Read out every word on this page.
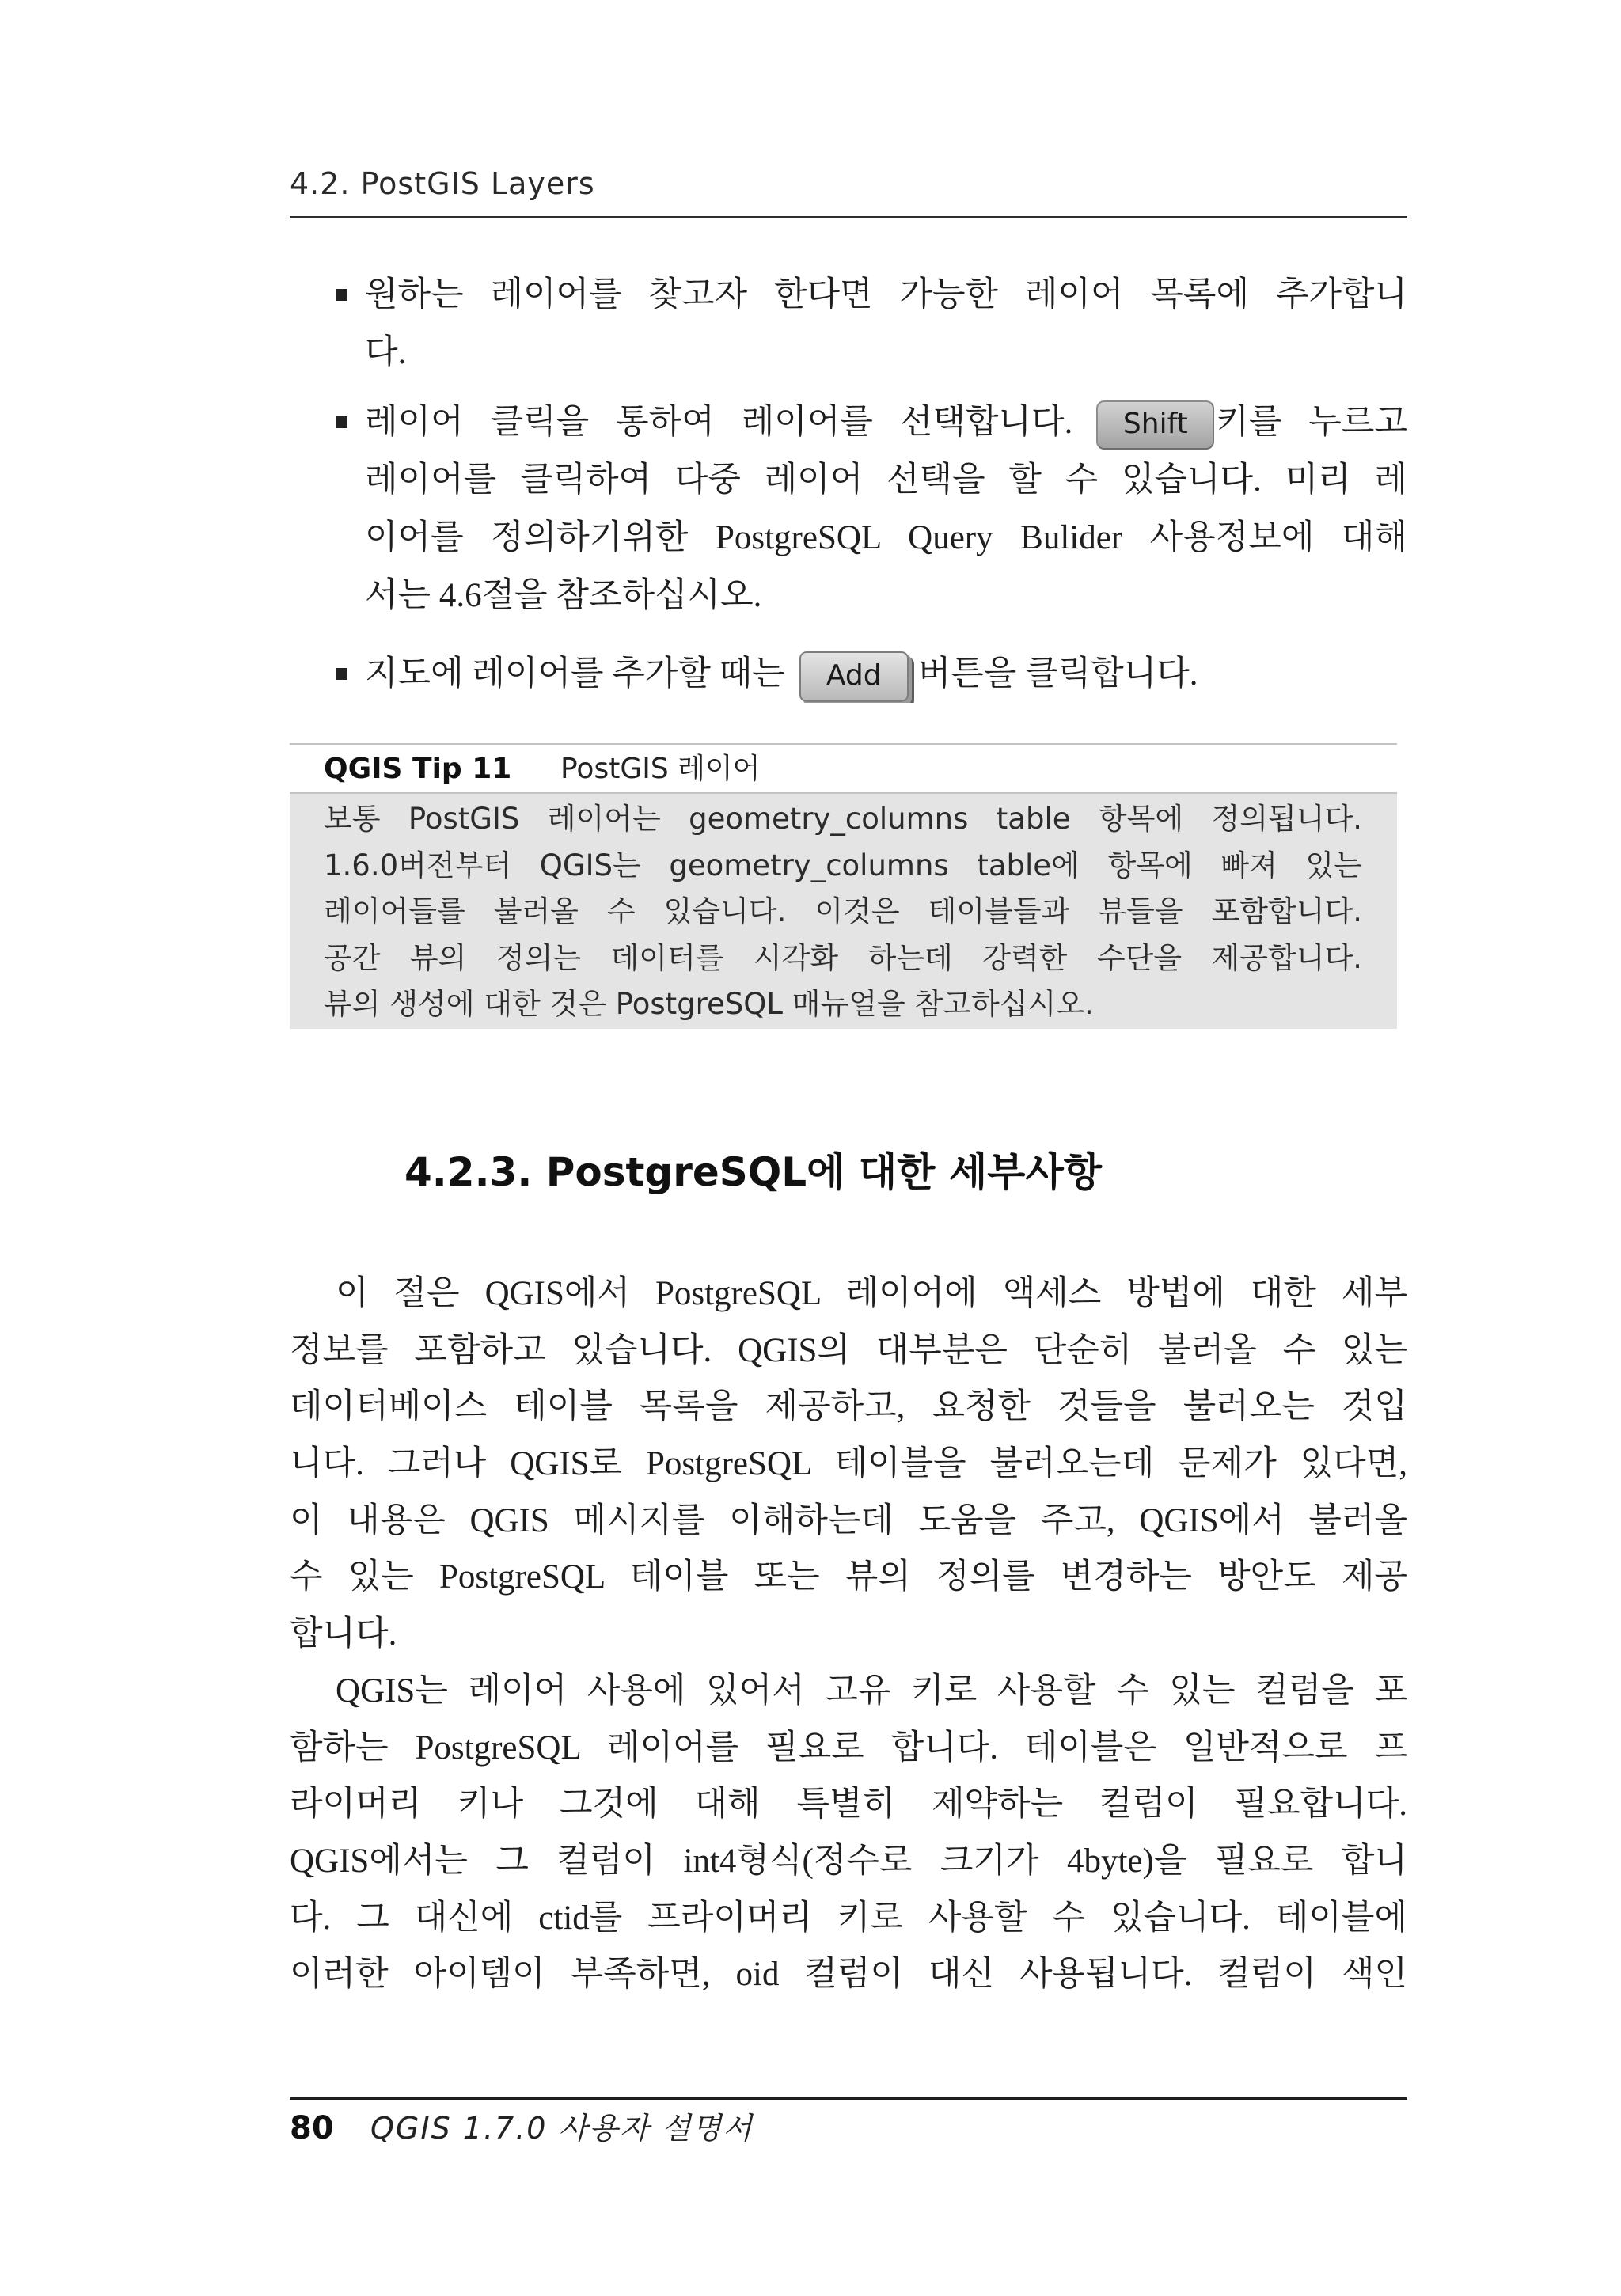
4.2. PostGIS Layers
원하는 레이어를 찾고자 한다면 가능한 레이어 목록에 추가합니
다.
레이어 클릭을 통하여 레이어를 선택합니다. Shift 키를 누르고
레이어를 클릭하여 다중 레이어 선택을 할 수 있습니다. 미리 레
이어를 정의하기위한 PostgreSQL Query Bulider 사용정보에 대해
서는 4.6절을 참조하십시오.
지도에 레이어를 추가할 때는 Add 버튼을 클릭합니다.
QGIS Tip 11 PostGIS 레이어
보통 PostGIS 레이어는 geometry_columns table 항목에 정의됩니다.
1.6.0버전부터 QGIS는 geometry_columns table에 항목에 빠져 있는
레이어들를 불러올 수 있습니다. 이것은 테이블들과 뷰들을 포함합니다.
공간 뷰의 정의는 데이터를 시각화 하는데 강력한 수단을 제공합니다.
뷰의 생성에 대한 것은 PostgreSQL 매뉴얼을 참고하십시오.
4.2.3. PostgreSQL에 대한 세부사항
이 절은 QGIS에서 PostgreSQL 레이어에 액세스 방법에 대한 세부
정보를 포함하고 있습니다. QGIS의 대부분은 단순히 불러올 수 있는
데이터베이스 테이블 목록을 제공하고, 요청한 것들을 불러오는 것입
니다. 그러나 QGIS로 PostgreSQL 테이블을 불러오는데 문제가 있다면,
이 내용은 QGIS 메시지를 이해하는데 도움을 주고, QGIS에서 불러올
수 있는 PostgreSQL 테이블 또는 뷰의 정의를 변경하는 방안도 제공
합니다.
QGIS는 레이어 사용에 있어서 고유 키로 사용할 수 있는 컬럼을 포
함하는 PostgreSQL 레이어를 필요로 합니다. 테이블은 일반적으로 프
라이머리 키나 그것에 대해 특별히 제약하는 컬럼이 필요합니다.
QGIS에서는 그 컬럼이 int4형식(정수로 크기가 4byte)을 필요로 합니
다. 그 대신에 ctid를 프라이머리 키로 사용할 수 있습니다. 테이블에
이러한 아이템이 부족하면, oid 컬럼이 대신 사용됩니다. 컬럼이 색인
80 QGIS 1.7.0 사용자 설명서
